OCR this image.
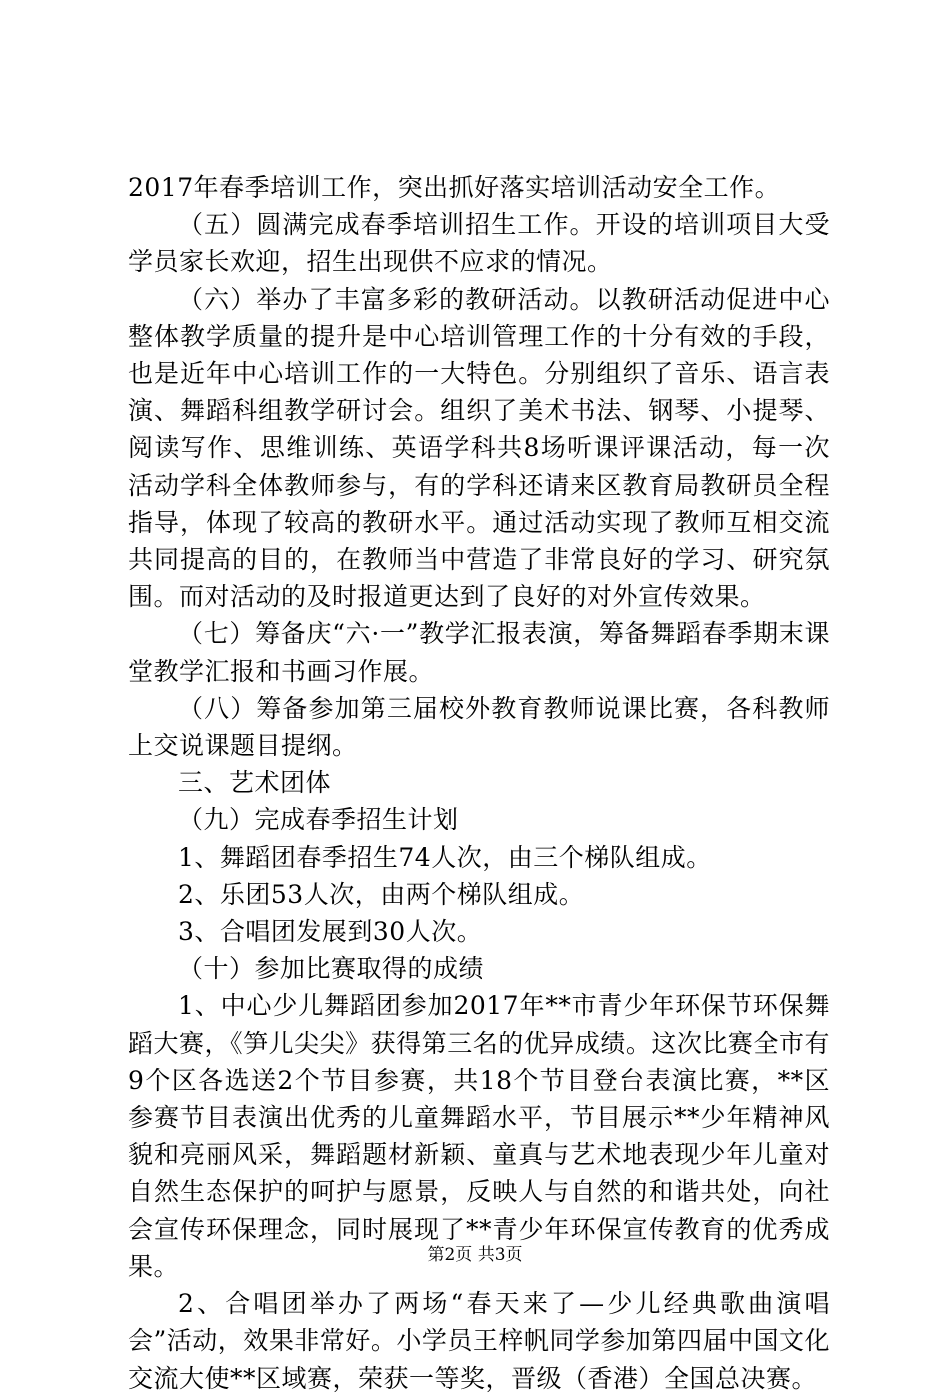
2017年春季培训工作，突出抓好落实培训活动安全工作。

（五）圆满完成春季培训招生工作。开设的培训项目大受学员家长欢迎，招生出现供不应求的情况。

（六）举办了丰富多彩的教研活动。以教研活动促进中心整体教学质量的提升是中心培训管理工作的十分有效的手段，也是近年中心培训工作的一大特色。分别组织了音乐、语言表演、舞蹈科组教学研讨会。组织了美术书法、钢琴、小提琴、阅读写作、思维训练、英语学科共8场听课评课活动，每一次活动学科全体教师参与，有的学科还请来区教育局教研员全程指导，体现了较高的教研水平。通过活动实现了教师互相交流共同提高的目的，在教师当中营造了非常良好的学习、研究氛围。而对活动的及时报道更达到了良好的对外宣传效果。

（七）筹备庆“六·一”教学汇报表演，筹备舞蹈春季期末课堂教学汇报和书画习作展。

（八）筹备参加第三届校外教育教师说课比赛，各科教师上交说课题目提纲。

三、艺术团体

（九）完成春季招生计划

1、舞蹈团春季招生74人次，由三个梯队组成。

2、乐团53人次，由两个梯队组成。

3、合唱团发展到30人次。

（十）参加比赛取得的成绩

1、中心少儿舞蹈团参加2017年**市青少年环保节环保舞蹈大赛，《笋儿尖尖》获得第三名的优异成绩。这次比赛全市有9个区各选送2个节目参赛，共18个节目登台表演比赛，**区参赛节目表演出优秀的儿童舞蹈水平，节目展示**少年精神风貌和亮丽风采，舞蹈题材新颖、童真与艺术地表现少年儿童对自然生态保护的呵护与愿景，反映人与自然的和谐共处，向社会宣传环保理念，同时展现了**青少年环保宣传教育的优秀成果。

2、合唱团举办了两场“春天来了—少儿经典歌曲演唱会”活动，效果非常好。小学员王梓帆同学参加第四届中国文化交流大使**区域赛，荣获一等奖，晋级（香港）全国总决赛。

第2页 共3页
